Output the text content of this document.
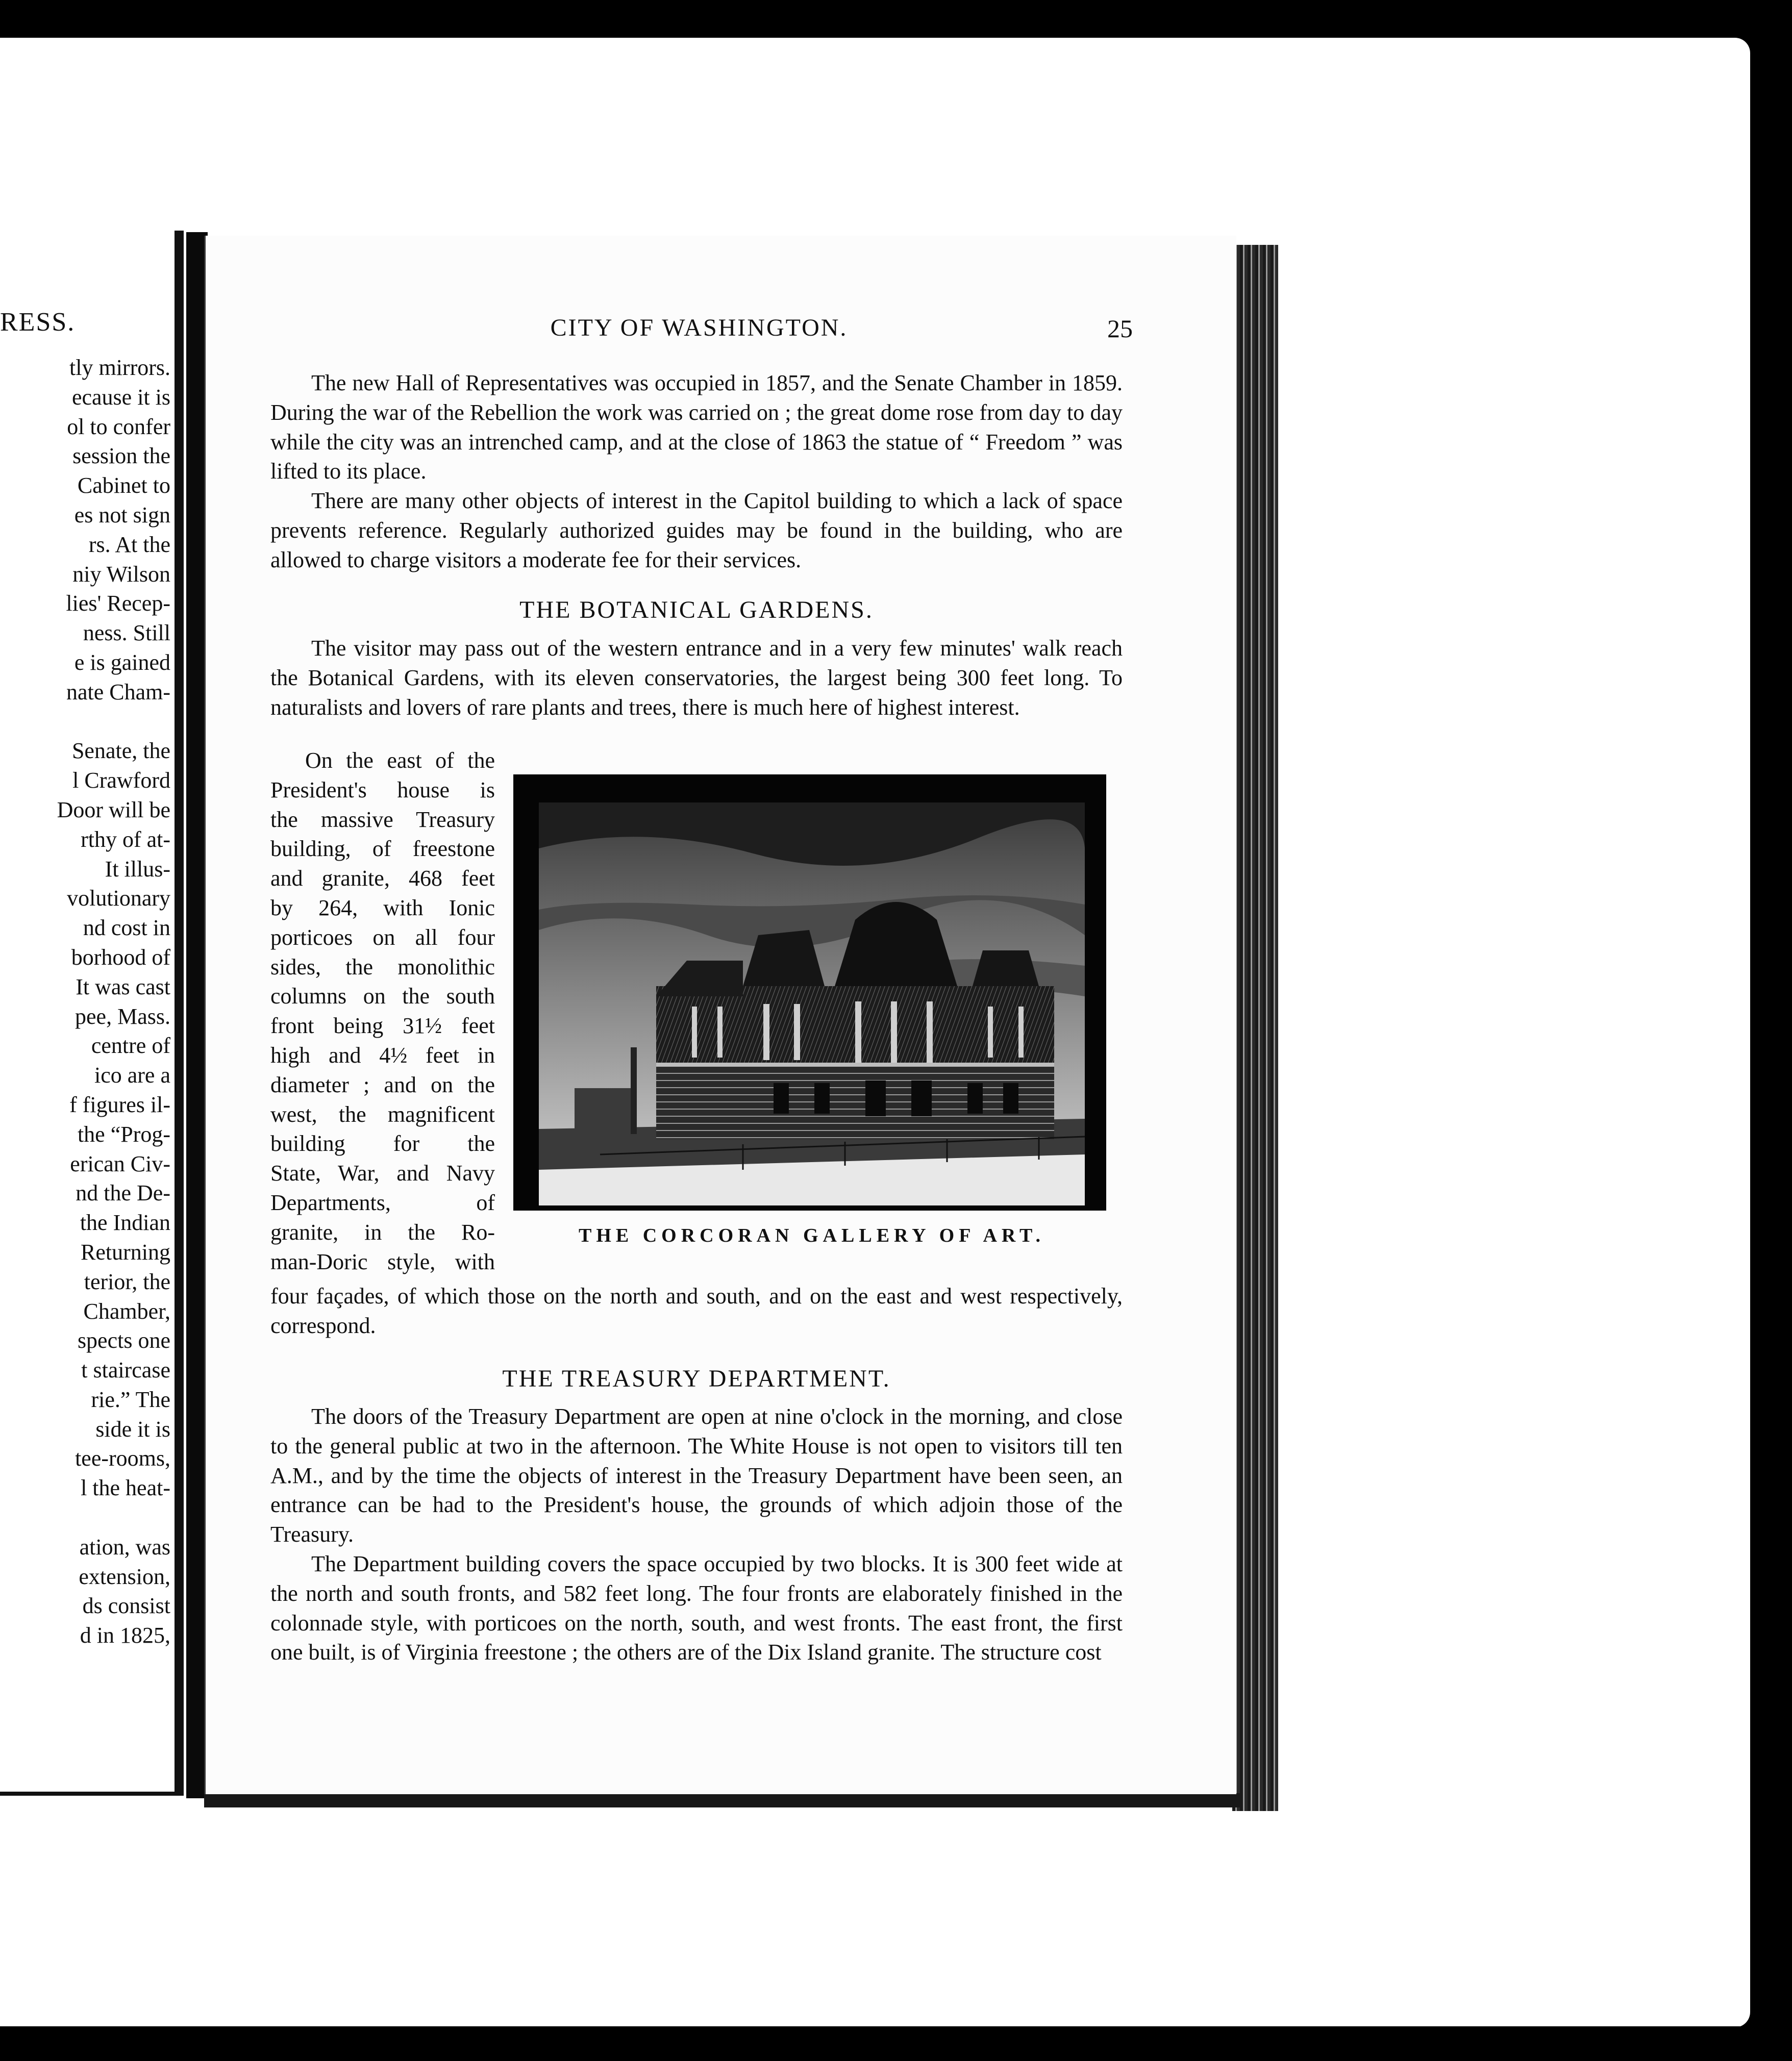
RESS.
tly mirrors.
ecause it is
ol to confer
session the
Cabinet to
es not sign
rs. At the
niy Wilson
lies' Recep-
ness. Still
e is gained
nate Cham-

Senate, the
l Crawford
Door will be
rthy of at-
It illus-
volutionary
nd cost in
borhood of
It was cast
pee, Mass.
centre of
ico are a
f figures il-
the “Prog-
erican Civ-
nd the De-
the Indian
Returning
terior, the
Chamber,
spects one
t staircase
rie.” The
side it is
tee-rooms,
l the heat-

ation, was
extension,
ds consist
d in 1825,
CITY OF WASHINGTON.	25

The new Hall of Representatives was occupied in 1857, and the Senate Chamber in 1859. During the war of the Rebellion the work was carried on ; the great dome rose from day to day while the city was an intrenched camp, and at the close of 1863 the statue of “ Freedom ” was lifted to its place.

There are many other objects of interest in the Capitol building to which a lack of space prevents reference. Regularly authorized guides may be found in the building, who are allowed to charge visitors a moderate fee for their services.

THE BOTANICAL GARDENS.

The visitor may pass out of the western entrance and in a very few minutes' walk reach the Botanical Gardens, with its eleven conservatories, the largest being 300 feet long. To naturalists and lovers of rare plants and trees, there is much here of highest interest.

On the east of the
President's house is
the massive Treasury
building, of freestone
and granite, 468 feet
by 264, with Ionic
porticoes on all four
sides, the monolithic
columns on the south
front being 31½ feet
high and 4½ feet in
diameter ; and on the
west, the magnificent
building for the
State, War, and Navy
Departments, of
granite, in the Ro-
man-Doric style, with
THE CORCORAN GALLERY OF ART.

four façades, of which those on the north and south, and on the east and west respectively, correspond.

THE TREASURY DEPARTMENT.

The doors of the Treasury Department are open at nine o'clock in the morning, and close to the general public at two in the afternoon. The White House is not open to visitors till ten A.M., and by the time the objects of interest in the Treasury Department have been seen, an entrance can be had to the President's house, the grounds of which adjoin those of the Treasury.

The Department building covers the space occupied by two blocks. It is 300 feet wide at the north and south fronts, and 582 feet long. The four fronts are elaborately finished in the colonnade style, with porticoes on the north, south, and west fronts. The east front, the first one built, is of Virginia freestone ; the others are of the Dix Island granite. The structure cost
